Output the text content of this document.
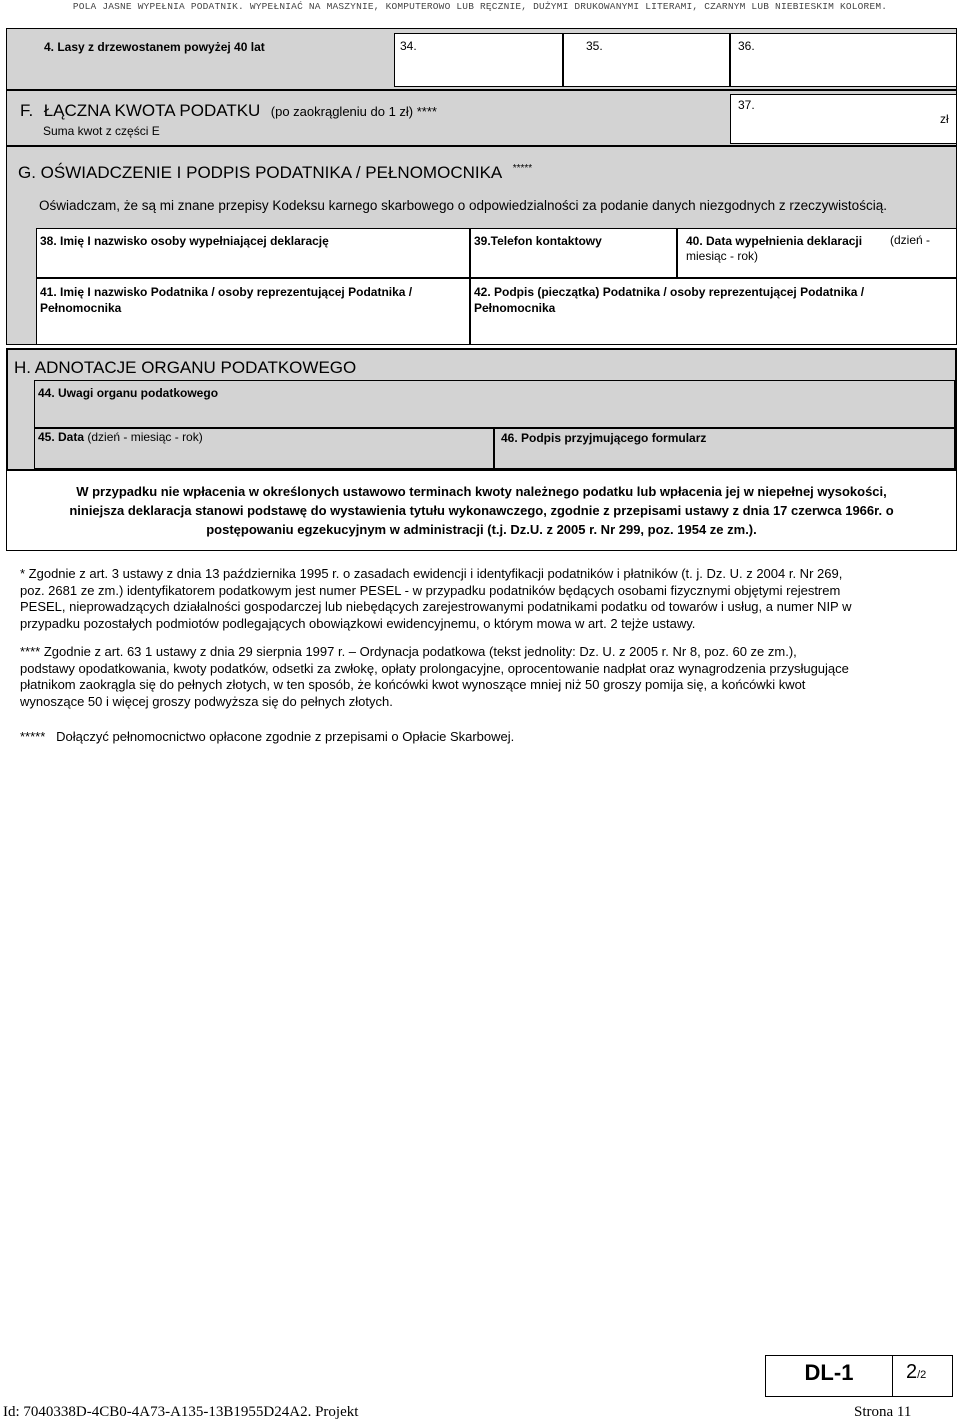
POLA JASNE WYPEŁNIA PODATNIK. WYPEŁNIAĆ NA MASZYNIE, KOMPUTEROWO LUB RĘCZNIE, DUŻYMI DRUKOWANYMI LITERAMI, CZARNYM LUB NIEBIESKIM KOLOREM.
4. Lasy z drzewostanem powyżej 40 lat	34.	35.	36.
F. ŁĄCZNA KWOTA PODATKU (po zaokrągleniu do 1 zł) ****
Suma kwot z części E
37.
zł
G. OŚWIADCZENIE I PODPIS PODATNIKA / PEŁNOMOCNIKA *****
Oświadczam, że są mi znane przepisy Kodeksu karnego skarbowego o odpowiedzialności za podanie danych niezgodnych z rzeczywistością.
38. Imię I nazwisko osoby wypełniającej deklarację	39.Telefon kontaktowy	40. Data wypełnienia deklaracji (dzień -
miesiąc - rok)
41. Imię I nazwisko Podatnika / osoby reprezentującej Podatnika /
Pełnomocnika
42. Podpis (pieczątka) Podatnika / osoby reprezentującej Podatnika /
Pełnomocnika
H. ADNOTACJE ORGANU PODATKOWEGO
44. Uwagi organu podatkowego
45. Data (dzień - miesiąc - rok)	46. Podpis przyjmującego formularz
W przypadku nie wpłacenia w określonych ustawowo terminach kwoty należnego podatku lub wpłacenia jej w niepełnej wysokości,
niniejsza deklaracja stanowi podstawę do wystawienia tytułu wykonawczego, zgodnie z przepisami ustawy z dnia 17 czerwca 1966r. o
postępowaniu egzekucyjnym w administracji (t.j. Dz.U. z 2005 r. Nr 299, poz. 1954 ze zm.).
* Zgodnie z art. 3 ustawy z dnia 13 października 1995 r. o zasadach ewidencji i identyfikacji podatników i płatników (t. j. Dz. U. z 2004 r. Nr 269,
poz. 2681 ze zm.) identyfikatorem podatkowym jest numer PESEL - w przypadku podatników będących osobami fizycznymi objętymi rejestrem
PESEL, nieprowadzących działalności gospodarczej lub niebędących zarejestrowanymi podatnikami podatku od towarów i usług, a numer NIP w
przypadku pozostałych podmiotów podlegających obowiązkowi ewidencyjnemu, o którym mowa w art. 2 tejże ustawy.
**** Zgodnie z art. 63 1 ustawy z dnia 29 sierpnia 1997 r. – Ordynacja podatkowa (tekst jednolity: Dz. U. z 2005 r. Nr 8, poz. 60 ze zm.),
podstawy opodatkowania, kwoty podatków, odsetki za zwłokę, opłaty prolongacyjne, oprocentowanie nadpłat oraz wynagrodzenia przysługujące
płatnikom zaokrągla się do pełnych złotych, w ten sposób, że końcówki kwot wynoszące mniej niż 50 groszy pomija się, a końcówki kwot
wynoszące 50 i więcej groszy podwyższa się do pełnych złotych.
*****   Dołączyć pełnomocnictwo opłacone zgodnie z przepisami o Opłacie Skarbowej.
DL-1	2/2
Id: 7040338D-4CB0-4A73-A135-13B1955D24A2. Projekt	Strona 11
